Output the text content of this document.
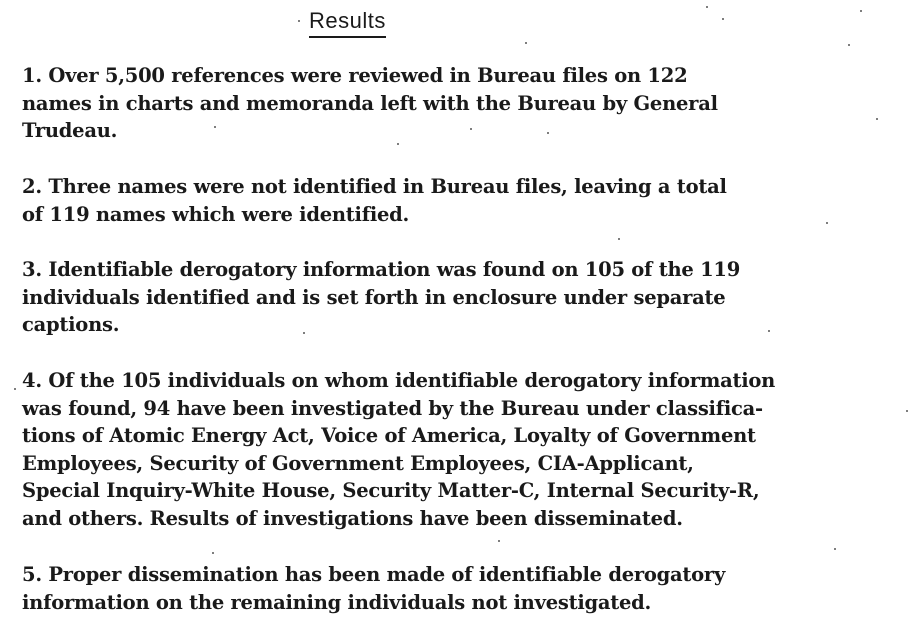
Results
1. Over 5,500 references were reviewed in Bureau files on 122
names in charts and memoranda left with the Bureau by General
Trudeau.
2. Three names were not identified in Bureau files, leaving a total
of 119 names which were identified.
3. Identifiable derogatory information was found on 105 of the 119
individuals identified and is set forth in enclosure under separate
captions.
4. Of the 105 individuals on whom identifiable derogatory information
was found, 94 have been investigated by the Bureau under classifica-
tions of Atomic Energy Act, Voice of America, Loyalty of Government
Employees, Security of Government Employees, CIA-Applicant,
Special Inquiry-White House, Security Matter-C, Internal Security-R,
and others. Results of investigations have been disseminated.
5. Proper dissemination has been made of identifiable derogatory
information on the remaining individuals not investigated.
